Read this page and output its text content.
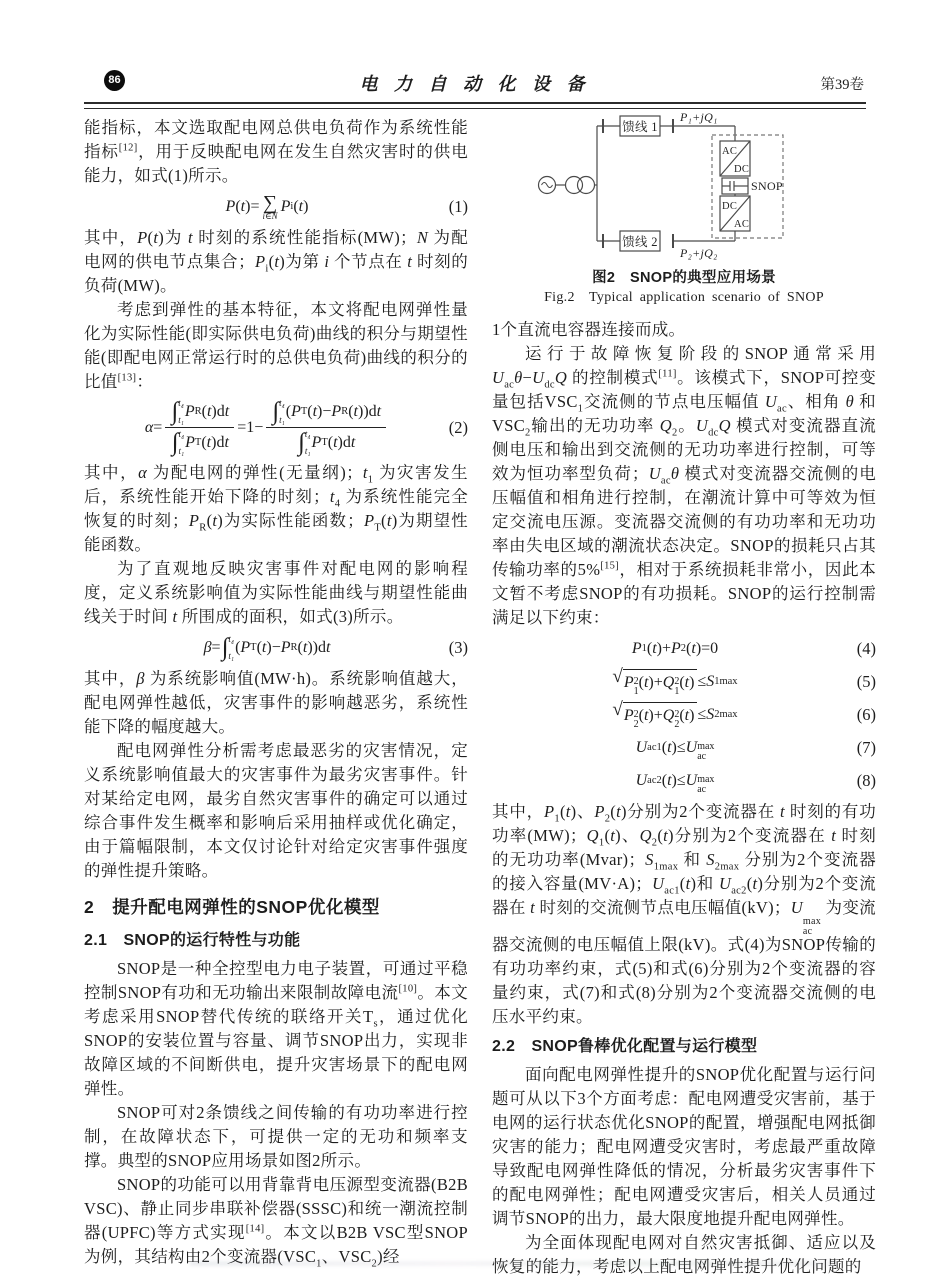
86	电 力 自 动 化 设 备	第39卷

能指标，本文选取配电网总供电负荷作为系统性能指标[12]，用于反映配电网在发生自然灾害时的供电能力，如式(1)所示。

P ( t )= ∑
i∈N
P i ( t )	(1)

其中，P(t)为 t 时刻的系统性能指标(MW)；N 为配电网的供电节点集合；$P_i(t)$为第 i 个节点在 t 时刻的负荷(MW)。

考虑到弹性的基本特征，本文将配电网弹性量化为实际性能(即实际供电负荷)曲线的积分与期望性能(即配电网正常运行时的总供电负荷)曲线的积分的比值[13]：

α = ∫ t₄
t₁ P R ( t )d t
∫ t₄
t₁ P T ( t )d t =1− ∫ t₄
t₁ ( P T ( t )− P R ( t ))d t
∫ t₄
t₁ P T ( t )d t	(2)

其中，α 为配电网的弹性(无量纲)；$t_1$ 为灾害发生后，系统性能开始下降的时刻；$t_4$ 为系统性能完全恢复的时刻；$P_R(t)$为实际性能函数；$P_T(t)$为期望性能函数。

为了直观地反映灾害事件对配电网的影响程度，定义系统影响值为实际性能曲线与期望性能曲线关于时间 t 所围成的面积，如式(3)所示。

β = ∫ t₄
t₁ ( P T ( t )− P R ( t ))d t	(3)

其中，β 为系统影响值(MW·h)。系统影响值越大，配电网弹性越低，灾害事件的影响越恶劣，系统性能下降的幅度越大。

配电网弹性分析需考虑最恶劣的灾害情况，定义系统影响值最大的灾害事件为最劣灾害事件。针对某给定电网，最劣自然灾害事件的确定可以通过综合事件发生概率和影响后采用抽样或优化确定，由于篇幅限制，本文仅讨论针对给定灾害事件强度的弹性提升策略。

2　提升配电网弹性的SNOP优化模型
2.1　SNOP的运行特性与功能

SNOP是一种全控型电力电子装置，可通过平稳控制SNOP有功和无功输出来限制故障电流[10]。本文考虑采用SNOP替代传统的联络开关$T_s$，通过优化SNOP的安装位置与容量、调节SNOP出力，实现非故障区域的不间断供电，提升灾害场景下的配电网弹性。

SNOP可对2条馈线之间传输的有功功率进行控制，在故障状态下，可提供一定的无功和频率支撑。典型的SNOP应用场景如图2所示。

SNOP的功能可以用背靠背电压源型变流器(B2B VSC)、静止同步串联补偿器(SSSC)和统一潮流控制器(UPFC)等方式实现[14]。本文以B2B VSC型SNOP为例，其结构由2个变流器($VSC_1$、$VSC_2$)经

馈线 1
馈线 2
P₁+jQ₁
P₂+jQ₂
AC
DC
DC
AC
SNOP
图2　SNOP的典型应用场景
Fig.2　Typical application scenario of SNOP

1个直流电容器连接而成。

运行于故障恢复阶段的SNOP通常采用 $U_{ac}\theta-U_{dc}Q$ 的控制模式[11]。该模式下，SNOP可控变量包括$VSC_1$交流侧的节点电压幅值 $U_{ac}$、相角 θ 和$VSC_2$输出的无功功率 $Q_2$。$U_{dc}Q$ 模式对变流器直流侧电压和输出到交流侧的无功功率进行控制，可等效为恒功率型负荷；$U_{ac}\theta$ 模式对变流器交流侧的电压幅值和相角进行控制，在潮流计算中可等效为恒定交流电压源。变流器交流侧的有功功率和无功功率由失电区域的潮流状态决定。SNOP的损耗只占其传输功率的5%[15]，相对于系统损耗非常小，因此本文暂不考虑SNOP的有功损耗。SNOP的运行控制需满足以下约束：

P 1 ( t )+ P 2 ( t )=0	(4)
√ P 2
1
( t )+ Q 2
1
( t ) ≤ S 1max	(5)
√ P 2
2
( t )+ Q 2
2
( t ) ≤ S 2max	(6)
U ac1 ( t )≤ U max
ac	(7)
U ac2 ( t )≤ U max
ac	(8)

其中，$P_1(t)$、$P_2(t)$分别为2个变流器在 t 时刻的有功功率(MW)；$Q_1(t)$、$Q_2(t)$分别为2个变流器在 t 时刻的无功功率(Mvar)；$S_{1max}$ 和 $S_{2max}$ 分别为2个变流器的接入容量(MV·A)；$U_{ac1}(t)$和 $U_{ac2}(t)$分别为2个变流器在 t 时刻的交流侧节点电压幅值(kV)；U
max
ac
为变流器交流侧的电压幅值上限(kV)。式(4)为SNOP传输的有功功率约束，式(5)和式(6)分别为2个变流器的容量约束，式(7)和式(8)分别为2个变流器交流侧的电压水平约束。

2.2　SNOP鲁棒优化配置与运行模型

面向配电网弹性提升的SNOP优化配置与运行问题可从以下3个方面考虑：配电网遭受灾害前，基于电网的运行状态优化SNOP的配置，增强配电网抵御灾害的能力；配电网遭受灾害时，考虑最严重故障导致配电网弹性降低的情况，分析最劣灾害事件下的配电网弹性；配电网遭受灾害后，相关人员通过调节SNOP的出力，最大限度地提升配电网弹性。

为全面体现配电网对自然灾害抵御、适应以及恢复的能力，考虑以上配电网弹性提升优化问题的
